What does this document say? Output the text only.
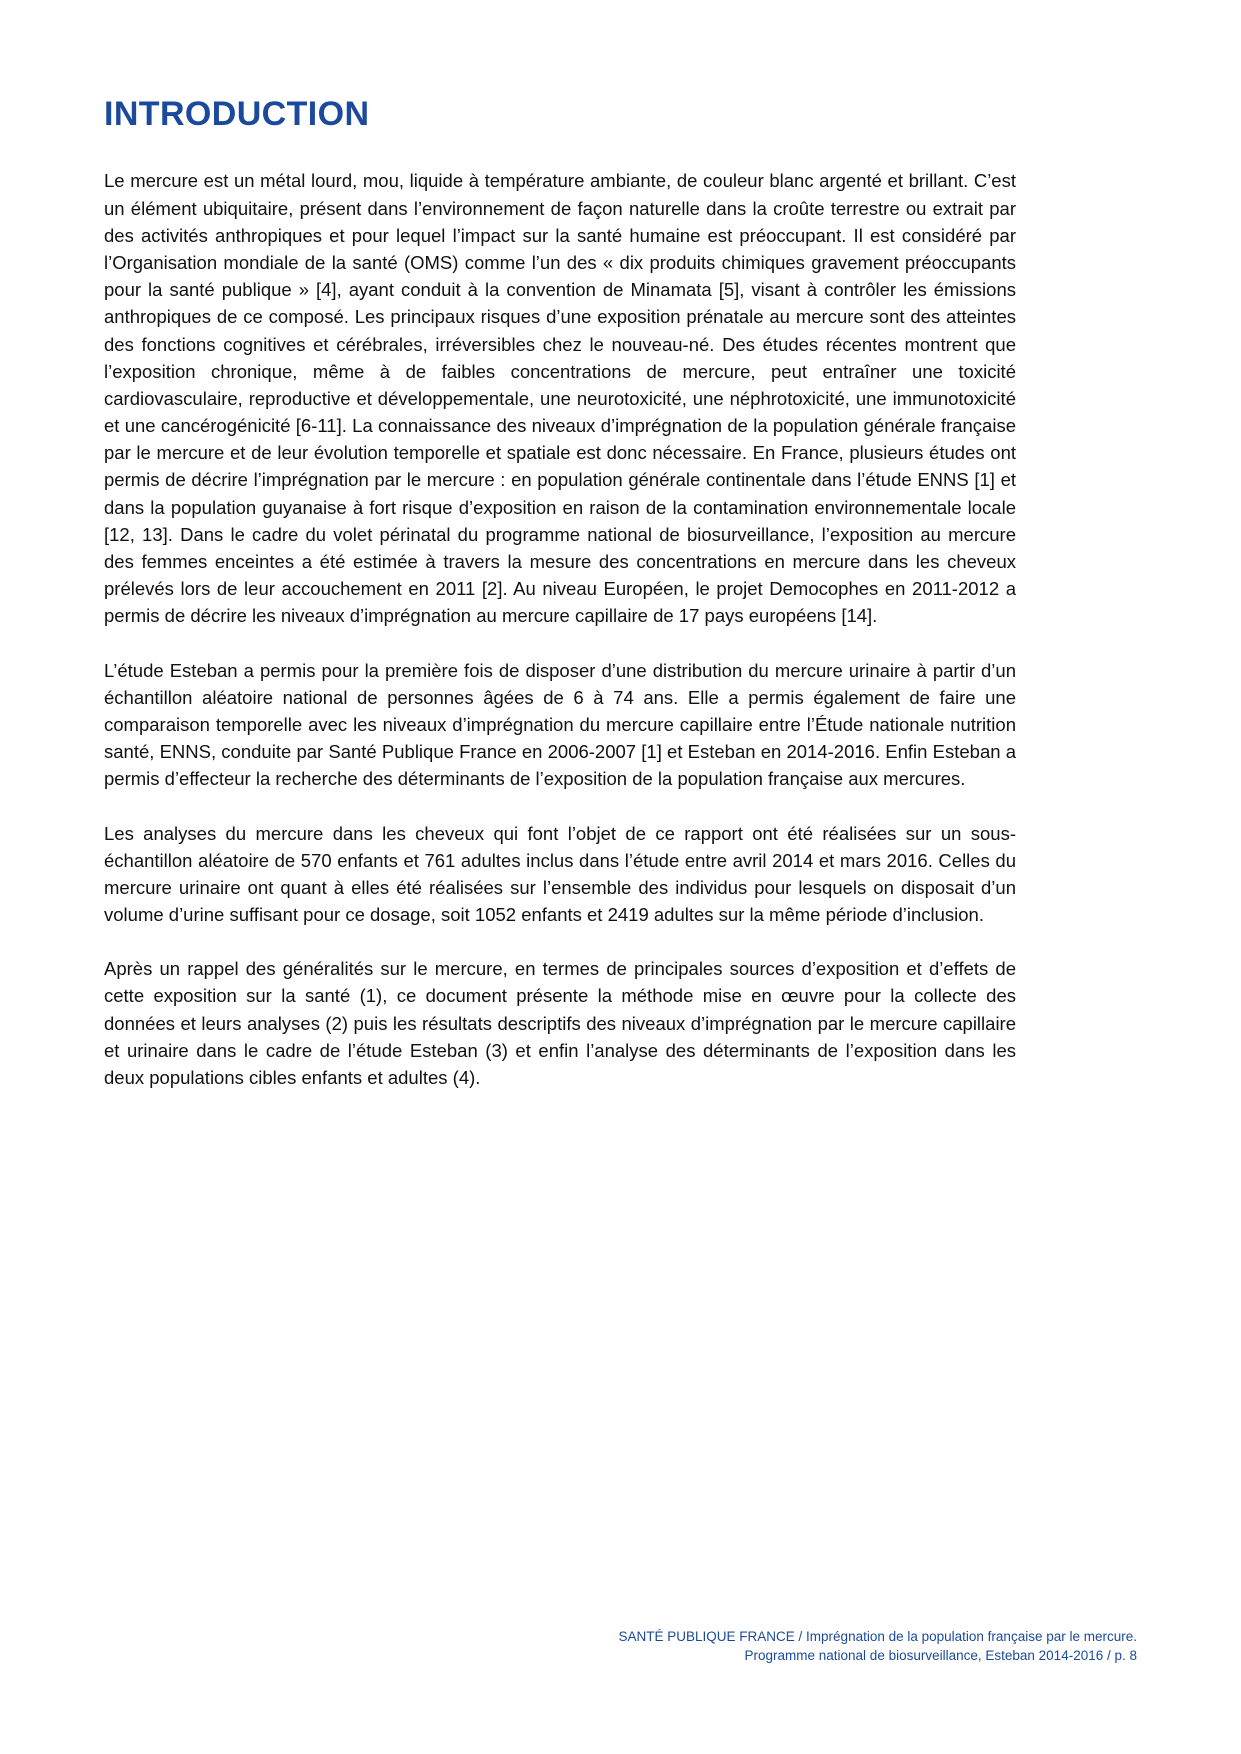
INTRODUCTION

Le mercure est un métal lourd, mou, liquide à température ambiante, de couleur blanc argenté et brillant. C’est un élément ubiquitaire, présent dans l’environnement de façon naturelle dans la croûte terrestre ou extrait par des activités anthropiques et pour lequel l’impact sur la santé humaine est préoccupant. Il est considéré par l’Organisation mondiale de la santé (OMS) comme l’un des « dix produits chimiques gravement préoccupants pour la santé publique » [4], ayant conduit à la convention de Minamata [5], visant à contrôler les émissions anthropiques de ce composé. Les principaux risques d’une exposition prénatale au mercure sont des atteintes des fonctions cognitives et cérébrales, irréversibles chez le nouveau-né. Des études récentes montrent que l’exposition chronique, même à de faibles concentrations de mercure, peut entraîner une toxicité cardiovasculaire, reproductive et développementale, une neurotoxicité, une néphrotoxicité, une immunotoxicité et une cancérogénicité [6-11]. La connaissance des niveaux d’imprégnation de la population générale française par le mercure et de leur évolution temporelle et spatiale est donc nécessaire. En France, plusieurs études ont permis de décrire l’imprégnation par le mercure : en population générale continentale dans l’étude ENNS [1] et dans la population guyanaise à fort risque d’exposition en raison de la contamination environnementale locale [12, 13]. Dans le cadre du volet périnatal du programme national de biosurveillance, l’exposition au mercure des femmes enceintes a été estimée à travers la mesure des concentrations en mercure dans les cheveux prélevés lors de leur accouchement en 2011 [2]. Au niveau Européen, le projet Democophes en 2011-2012 a permis de décrire les niveaux d’imprégnation au mercure capillaire de 17 pays européens [14].

L’étude Esteban a permis pour la première fois de disposer d’une distribution du mercure urinaire à partir d’un échantillon aléatoire national de personnes âgées de 6 à 74 ans. Elle a permis également de faire une comparaison temporelle avec les niveaux d’imprégnation du mercure capillaire entre l’Étude nationale nutrition santé, ENNS, conduite par Santé Publique France en 2006-2007 [1] et Esteban en 2014-2016. Enfin Esteban a permis d’effecteur la recherche des déterminants de l’exposition de la population française aux mercures.

Les analyses du mercure dans les cheveux qui font l’objet de ce rapport ont été réalisées sur un sous-échantillon aléatoire de 570 enfants et 761 adultes inclus dans l’étude entre avril 2014 et mars 2016. Celles du mercure urinaire ont quant à elles été réalisées sur l’ensemble des individus pour lesquels on disposait d’un volume d’urine suffisant pour ce dosage, soit 1052 enfants et 2419 adultes sur la même période d’inclusion.

Après un rappel des généralités sur le mercure, en termes de principales sources d’exposition et d’effets de cette exposition sur la santé (1), ce document présente la méthode mise en œuvre pour la collecte des données et leurs analyses (2) puis les résultats descriptifs des niveaux d’imprégnation par le mercure capillaire et urinaire dans le cadre de l’étude Esteban (3) et enfin l’analyse des déterminants de l’exposition dans les deux populations cibles enfants et adultes (4).

SANTÉ PUBLIQUE FRANCE / Imprégnation de la population française par le mercure.
Programme national de biosurveillance, Esteban 2014-2016 / p. 8
